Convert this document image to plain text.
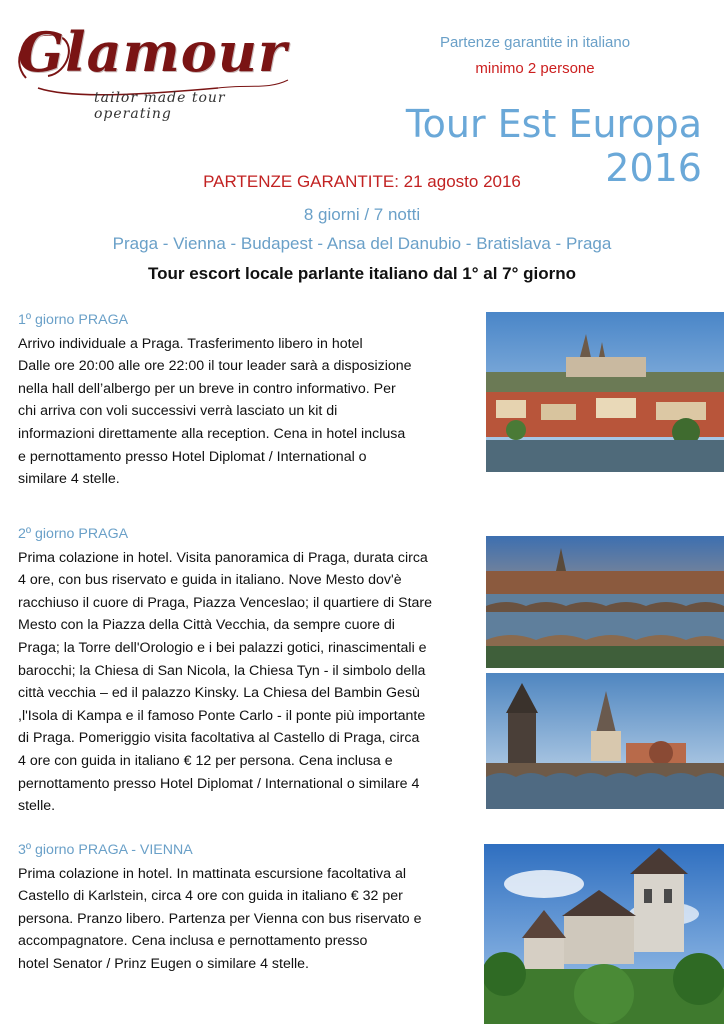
Glamour
tailor made tour operating
Partenze garantite in italiano
minimo 2 persone
Tour Est Europa 2016
PARTENZE GARANTITE: 21 agosto 2016
8 giorni / 7 notti
Praga - Vienna - Budapest - Ansa del Danubio - Bratislava - Praga
Tour escort locale parlante italiano dal 1° al 7° giorno
1º giorno PRAGA
Arrivo individuale a Praga. Trasferimento libero in hotel
Dalle ore 20:00 alle ore 22:00 il tour leader sarà a disposizione
nella hall dell’albergo per un breve in contro informativo. Per
chi arriva con voli successivi verrà lasciato un kit di
informazioni direttamente alla reception. Cena in hotel inclusa
e pernottamento presso Hotel Diplomat / International o
similare 4 stelle.
2º giorno PRAGA
Prima colazione in hotel. Visita panoramica di Praga, durata circa
4 ore, con bus riservato e guida in italiano. Nove Mesto dov'è
racchiuso il cuore di Praga, Piazza Venceslao; il quartiere di Stare
Mesto con la Piazza della Città Vecchia, da sempre cuore di
Praga; la Torre dell'Orologio e i bei palazzi gotici, rinascimentali e
barocchi; la Chiesa di San Nicola, la Chiesa Tyn - il simbolo della
città vecchia – ed il palazzo Kinsky. La Chiesa del Bambin Gesù
,l'Isola di Kampa e il famoso Ponte Carlo - il ponte più importante
di Praga. Pomeriggio visita facoltativa al Castello di Praga, circa
4 ore con guida in italiano € 12 per persona. Cena inclusa e
pernottamento presso Hotel Diplomat / International o similare 4
stelle.
3º giorno PRAGA - VIENNA
Prima colazione in hotel. In mattinata escursione facoltativa al
Castello di Karlstein, circa 4 ore con guida in italiano € 32 per
persona. Pranzo libero. Partenza per Vienna con bus riservato e
accompagnatore. Cena inclusa e pernottamento presso
hotel Senator / Prinz Eugen o similare 4 stelle.
